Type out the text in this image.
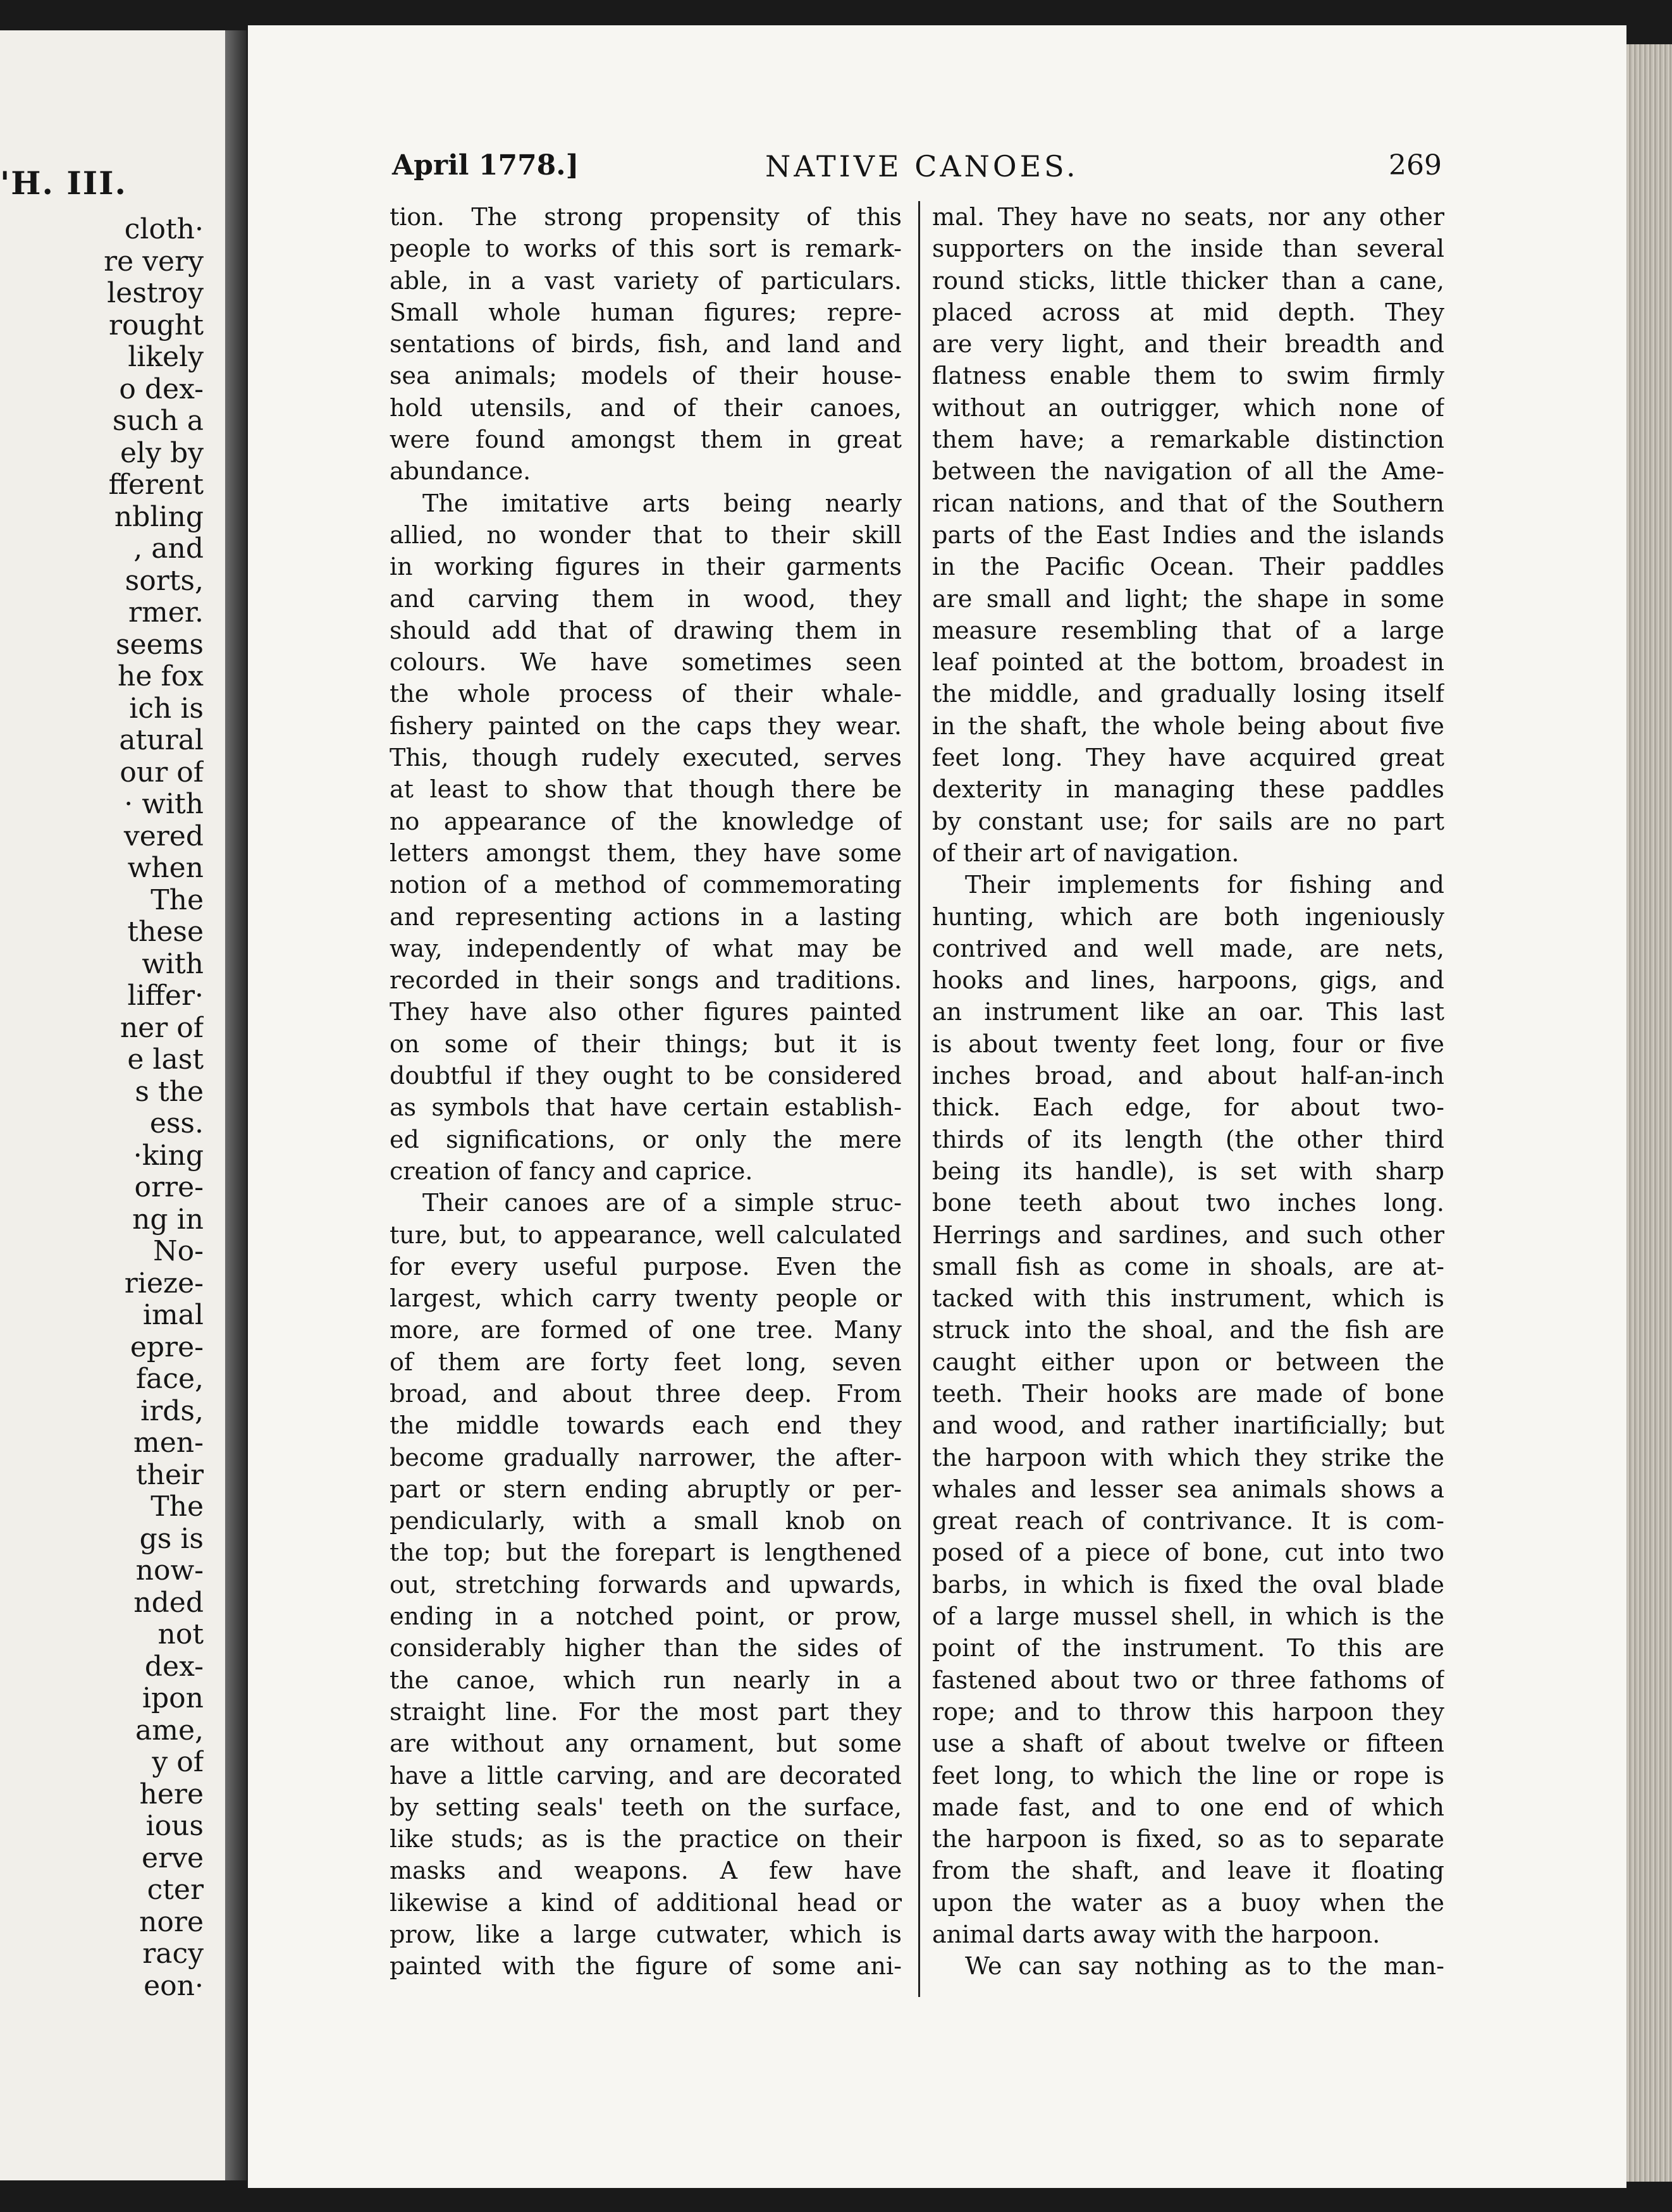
'H. III.
cloth·
re very
lestroy
rought
likely
o dex-
such a
ely by
fferent
nbling
, and
sorts,
rmer.
seems
he fox
ich is
atural
our of
· with
vered
when
The
these
with
liffer·
ner of
e last
s the
ess.
·king
orre-
ng in
No-
rieze-
imal
epre-
face,
irds,
men-
their
The
gs is
now-
nded
not
dex-
ipon
ame,
y of
here
ious
erve
cter
nore
racy
eon·
April 1778.]	NATIVE CANOES.	269
tion. The strong propensity of this
people to works of this sort is remark-
able, in a vast variety of particulars.
Small whole human figures; repre-
sentations of birds, fish, and land and
sea animals; models of their house-
hold utensils, and of their canoes,
were found amongst them in great
abundance.
The imitative arts being nearly
allied, no wonder that to their skill
in working figures in their garments
and carving them in wood, they
should add that of drawing them in
colours. We have sometimes seen
the whole process of their whale-
fishery painted on the caps they wear.
This, though rudely executed, serves
at least to show that though there be
no appearance of the knowledge of
letters amongst them, they have some
notion of a method of commemorating
and representing actions in a lasting
way, independently of what may be
recorded in their songs and traditions.
They have also other figures painted
on some of their things; but it is
doubtful if they ought to be considered
as symbols that have certain establish-
ed significations, or only the mere
creation of fancy and caprice.
Their canoes are of a simple struc-
ture, but, to appearance, well calculated
for every useful purpose. Even the
largest, which carry twenty people or
more, are formed of one tree. Many
of them are forty feet long, seven
broad, and about three deep. From
the middle towards each end they
become gradually narrower, the after-
part or stern ending abruptly or per-
pendicularly, with a small knob on
the top; but the forepart is lengthened
out, stretching forwards and upwards,
ending in a notched point, or prow,
considerably higher than the sides of
the canoe, which run nearly in a
straight line. For the most part they
are without any ornament, but some
have a little carving, and are decorated
by setting seals' teeth on the surface,
like studs; as is the practice on their
masks and weapons. A few have
likewise a kind of additional head or
prow, like a large cutwater, which is
painted with the figure of some ani-
mal. They have no seats, nor any other
supporters on the inside than several
round sticks, little thicker than a cane,
placed across at mid depth. They
are very light, and their breadth and
flatness enable them to swim firmly
without an outrigger, which none of
them have; a remarkable distinction
between the navigation of all the Ame-
rican nations, and that of the Southern
parts of the East Indies and the islands
in the Pacific Ocean. Their paddles
are small and light; the shape in some
measure resembling that of a large
leaf pointed at the bottom, broadest in
the middle, and gradually losing itself
in the shaft, the whole being about five
feet long. They have acquired great
dexterity in managing these paddles
by constant use; for sails are no part
of their art of navigation.
Their implements for fishing and
hunting, which are both ingeniously
contrived and well made, are nets,
hooks and lines, harpoons, gigs, and
an instrument like an oar. This last
is about twenty feet long, four or five
inches broad, and about half-an-inch
thick. Each edge, for about two-
thirds of its length (the other third
being its handle), is set with sharp
bone teeth about two inches long.
Herrings and sardines, and such other
small fish as come in shoals, are at-
tacked with this instrument, which is
struck into the shoal, and the fish are
caught either upon or between the
teeth. Their hooks are made of bone
and wood, and rather inartificially; but
the harpoon with which they strike the
whales and lesser sea animals shows a
great reach of contrivance. It is com-
posed of a piece of bone, cut into two
barbs, in which is fixed the oval blade
of a large mussel shell, in which is the
point of the instrument. To this are
fastened about two or three fathoms of
rope; and to throw this harpoon they
use a shaft of about twelve or fifteen
feet long, to which the line or rope is
made fast, and to one end of which
the harpoon is fixed, so as to separate
from the shaft, and leave it floating
upon the water as a buoy when the
animal darts away with the harpoon.
We can say nothing as to the man-
